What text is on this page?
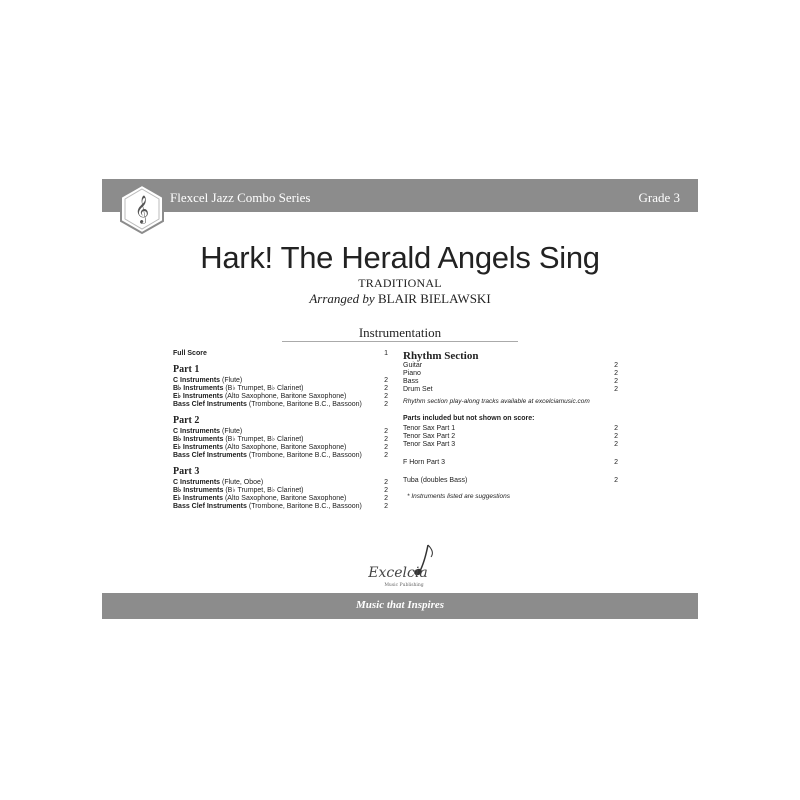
𝄞 Flexcel Jazz Combo Series	Grade 3
Hark! The Herald Angels Sing
TRADITIONAL
Arranged by BLAIR BIELAWSKI
Instrumentation
Full Score	1
Part 1
C Instruments (Flute)	2
B♭ Instruments (B♭ Trumpet, B♭ Clarinet)	2
E♭ Instruments (Alto Saxophone, Baritone Saxophone)	2
Bass Clef Instruments (Trombone, Baritone B.C., Bassoon)	2
Part 2
C Instruments (Flute)	2
B♭ Instruments (B♭ Trumpet, B♭ Clarinet)	2
E♭ Instruments (Alto Saxophone, Baritone Saxophone)	2
Bass Clef Instruments (Trombone, Baritone B.C., Bassoon)	2
Part 3
C Instruments (Flute, Oboe)	2
B♭ Instruments (B♭ Trumpet, B♭ Clarinet)	2
E♭ Instruments (Alto Saxophone, Baritone Saxophone)	2
Bass Clef Instruments (Trombone, Baritone B.C., Bassoon)	2
Rhythm Section
Guitar	2
Piano	2
Bass	2
Drum Set	2
Rhythm section play-along tracks available at excelciamusic.com
Parts included but not shown on score:
Tenor Sax Part 1	2
Tenor Sax Part 2	2
Tenor Sax Part 3	2
F Horn Part 3	2
Tuba (doubles Bass)	2
* Instruments listed are suggestions
Excelcia
Music Publishing
Music that Inspires
